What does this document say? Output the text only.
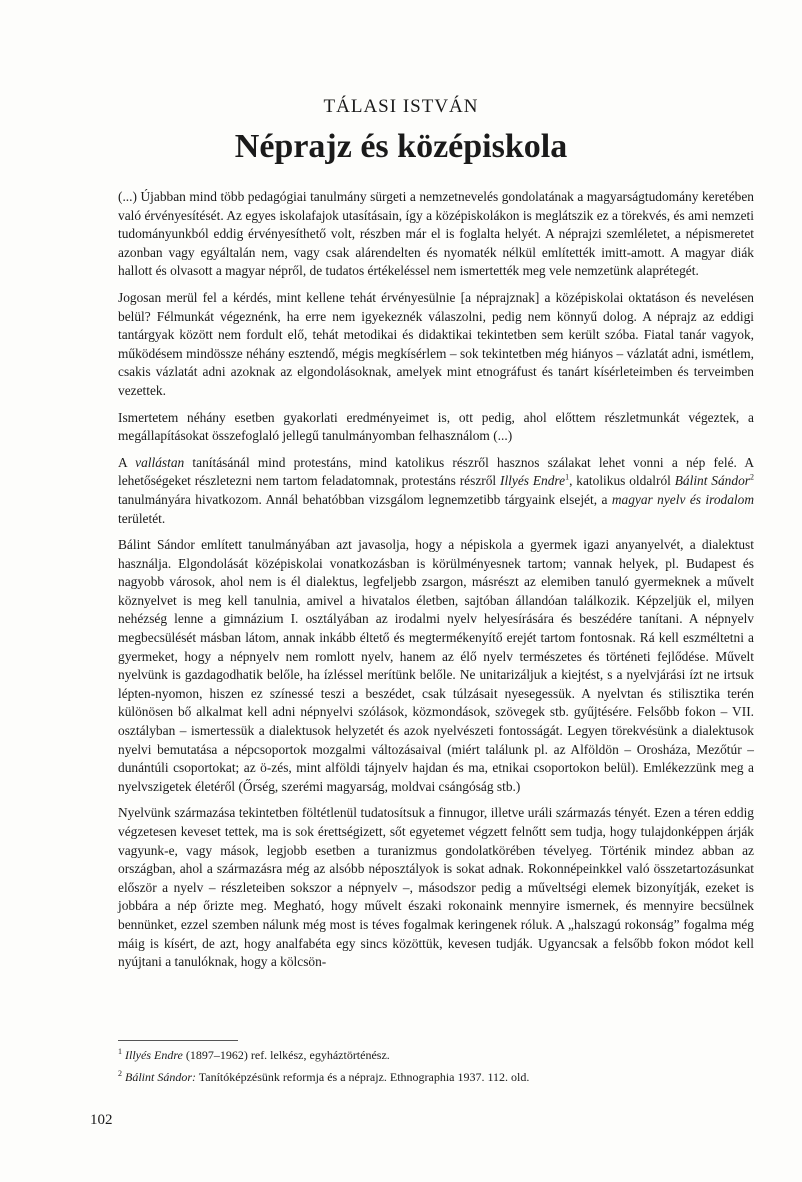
TÁLASI ISTVÁN
Néprajz és középiskola

(...) Újabban mind több pedagógiai tanulmány sürgeti a nemzetnevelés gondolatának a magyarságtudomány keretében való érvényesítését. Az egyes iskolafajok utasításain, így a középiskolákon is meglátszik ez a törekvés, és ami nemzeti tudományunkból eddig érvényesíthető volt, részben már el is foglalta helyét. A néprajzi szemléletet, a népismeretet azonban vagy egyáltalán nem, vagy csak alárendelten és nyomaték nélkül említették imitt-amott. A magyar diák hallott és olvasott a magyar népről, de tudatos értékeléssel nem ismertették meg vele nemzetünk alaprétegét.

Jogosan merül fel a kérdés, mint kellene tehát érvényesülnie [a néprajznak] a középiskolai oktatáson és nevelésen belül? Félmunkát végeznénk, ha erre nem igyekeznék válaszolni, pedig nem könnyű dolog. A néprajz az eddigi tantárgyak között nem fordult elő, tehát metodikai és didaktikai tekintetben sem került szóba. Fiatal tanár vagyok, működésem mindössze néhány esztendő, mégis megkísérlem – sok tekintetben még hiányos – vázlatát adni, ismétlem, csakis vázlatát adni azoknak az elgondolásoknak, amelyek mint etnográfust és tanárt kísérleteimben és terveimben vezettek.

Ismertetem néhány esetben gyakorlati eredményeimet is, ott pedig, ahol előttem részletmunkát végeztek, a megállapításokat összefoglaló jellegű tanulmányomban felhasználom (...)

A vallástan tanításánál mind protestáns, mind katolikus részről hasznos szálakat lehet vonni a nép felé. A lehetőségeket részletezni nem tartom feladatomnak, protestáns részről Illyés Endre$^1$, katolikus oldalról Bálint Sándor$^2$ tanulmányára hivatkozom. Annál behatóbban vizsgálom legnemzetibb tárgyaink elsejét, a magyar nyelv és irodalom területét.

Bálint Sándor említett tanulmányában azt javasolja, hogy a népiskola a gyermek igazi anyanyelvét, a dialektust használja. Elgondolását középiskolai vonatkozásban is körülményesnek tartom; vannak helyek, pl. Budapest és nagyobb városok, ahol nem is él dialektus, legfeljebb zsargon, másrészt az elemiben tanuló gyermeknek a művelt köznyelvet is meg kell tanulnia, amivel a hivatalos életben, sajtóban állandóan találkozik. Képzeljük el, milyen nehézség lenne a gimnázium I. osztályában az irodalmi nyelv helyesírására és beszédére tanítani. A népnyelv megbecsülését másban látom, annak inkább éltető és megtermékenyítő erejét tartom fontosnak. Rá kell eszméltetni a gyermeket, hogy a népnyelv nem romlott nyelv, hanem az élő nyelv természetes és történeti fejlődése. Művelt nyelvünk is gazdagodhatik belőle, ha ízléssel merítünk belőle. Ne unitarizáljuk a kiejtést, s a nyelvjárási ízt ne irtsuk lépten-nyomon, hiszen ez színessé teszi a beszédet, csak túlzásait nyesegessük. A nyelvtan és stilisztika terén különösen bő alkalmat kell adni népnyelvi szólások, közmondások, szövegek stb. gyűjtésére. Felsőbb fokon – VII. osztályban – ismertessük a dialektusok helyzetét és azok nyelvészeti fontosságát. Legyen törekvésünk a dialektusok nyelvi bemutatása a népcsoportok mozgalmi változásaival (miért találunk pl. az Alföldön – Orosháza, Mezőtúr – dunántúli csoportokat; az ö-zés, mint alföldi tájnyelv hajdan és ma, etnikai csoportokon belül). Emlékezzünk meg a nyelvszigetek életéről (Őrség, szerémi magyarság, moldvai csángóság stb.)

Nyelvünk származása tekintetben föltétlenül tudatosítsuk a finnugor, illetve uráli származás tényét. Ezen a téren eddig végzetesen keveset tettek, ma is sok érettségizett, sőt egyetemet végzett felnőtt sem tudja, hogy tulajdonképpen árják vagyunk-e, vagy mások, legjobb esetben a turanizmus gondolatkörében tévelyeg. Történik mindez abban az országban, ahol a származásra még az alsóbb néposztályok is sokat adnak. Rokonnépeinkkel való összetartozásunkat először a nyelv – részleteiben sokszor a népnyelv –, másodszor pedig a műveltségi elemek bizonyítják, ezeket is jobbára a nép őrizte meg. Megható, hogy művelt északi rokonaink mennyire ismernek, és mennyire becsülnek bennünket, ezzel szemben nálunk még most is téves fogalmak keringenek róluk. A „halszagú rokonság” fogalma még máig is kísért, de azt, hogy analfabéta egy sincs közöttük, kevesen tudják. Ugyancsak a felsőbb fokon módot kell nyújtani a tanulóknak, hogy a kölcsön-

$^1$ Illyés Endre (1897–1962) ref. lelkész, egyháztörténész.
$^2$ Bálint Sándor: Tanítóképzésünk reformja és a néprajz. Ethnographia 1937. 112. old.
102
